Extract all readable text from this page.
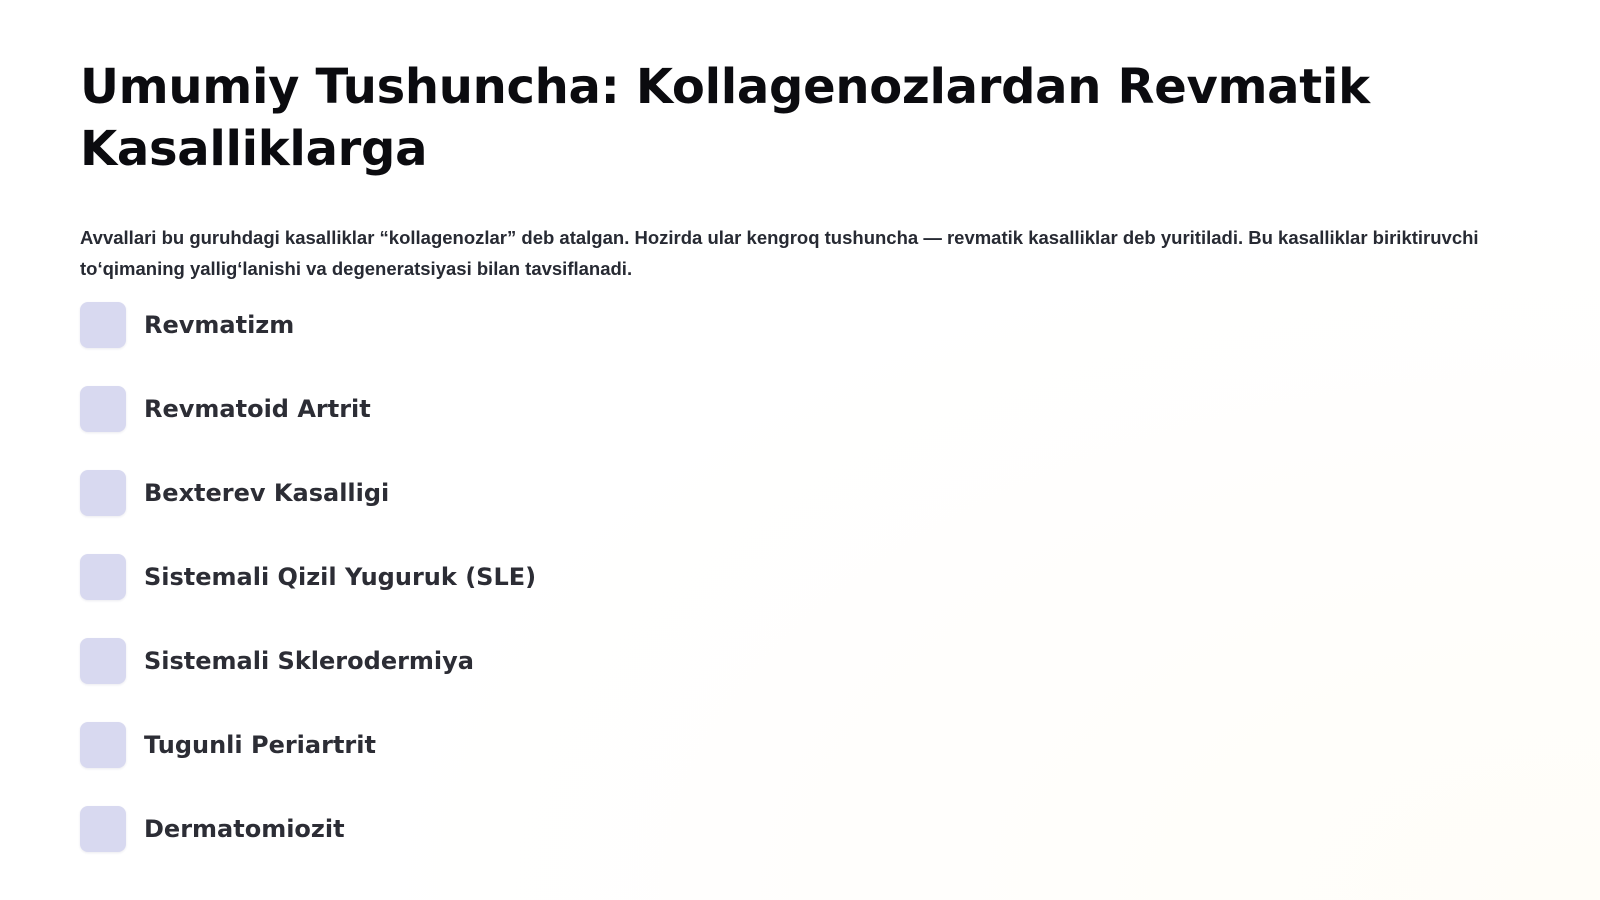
Umumiy Tushuncha: Kollagenozlardan Revmatik Kasalliklarga

Avvallari bu guruhdagi kasalliklar “kollagenozlar” deb atalgan. Hozirda ular kengroq tushuncha — revmatik kasalliklar deb yuritiladi. Bu kasalliklar biriktiruvchi to‘qimaning yallig‘lanishi va degeneratsiyasi bilan tavsiflanadi.

Revmatizm
Revmatoid Artrit
Bexterev Kasalligi
Sistemali Qizil Yuguruk (SLE)
Sistemali Sklerodermiya
Tugunli Periartrit
Dermatomiozit
